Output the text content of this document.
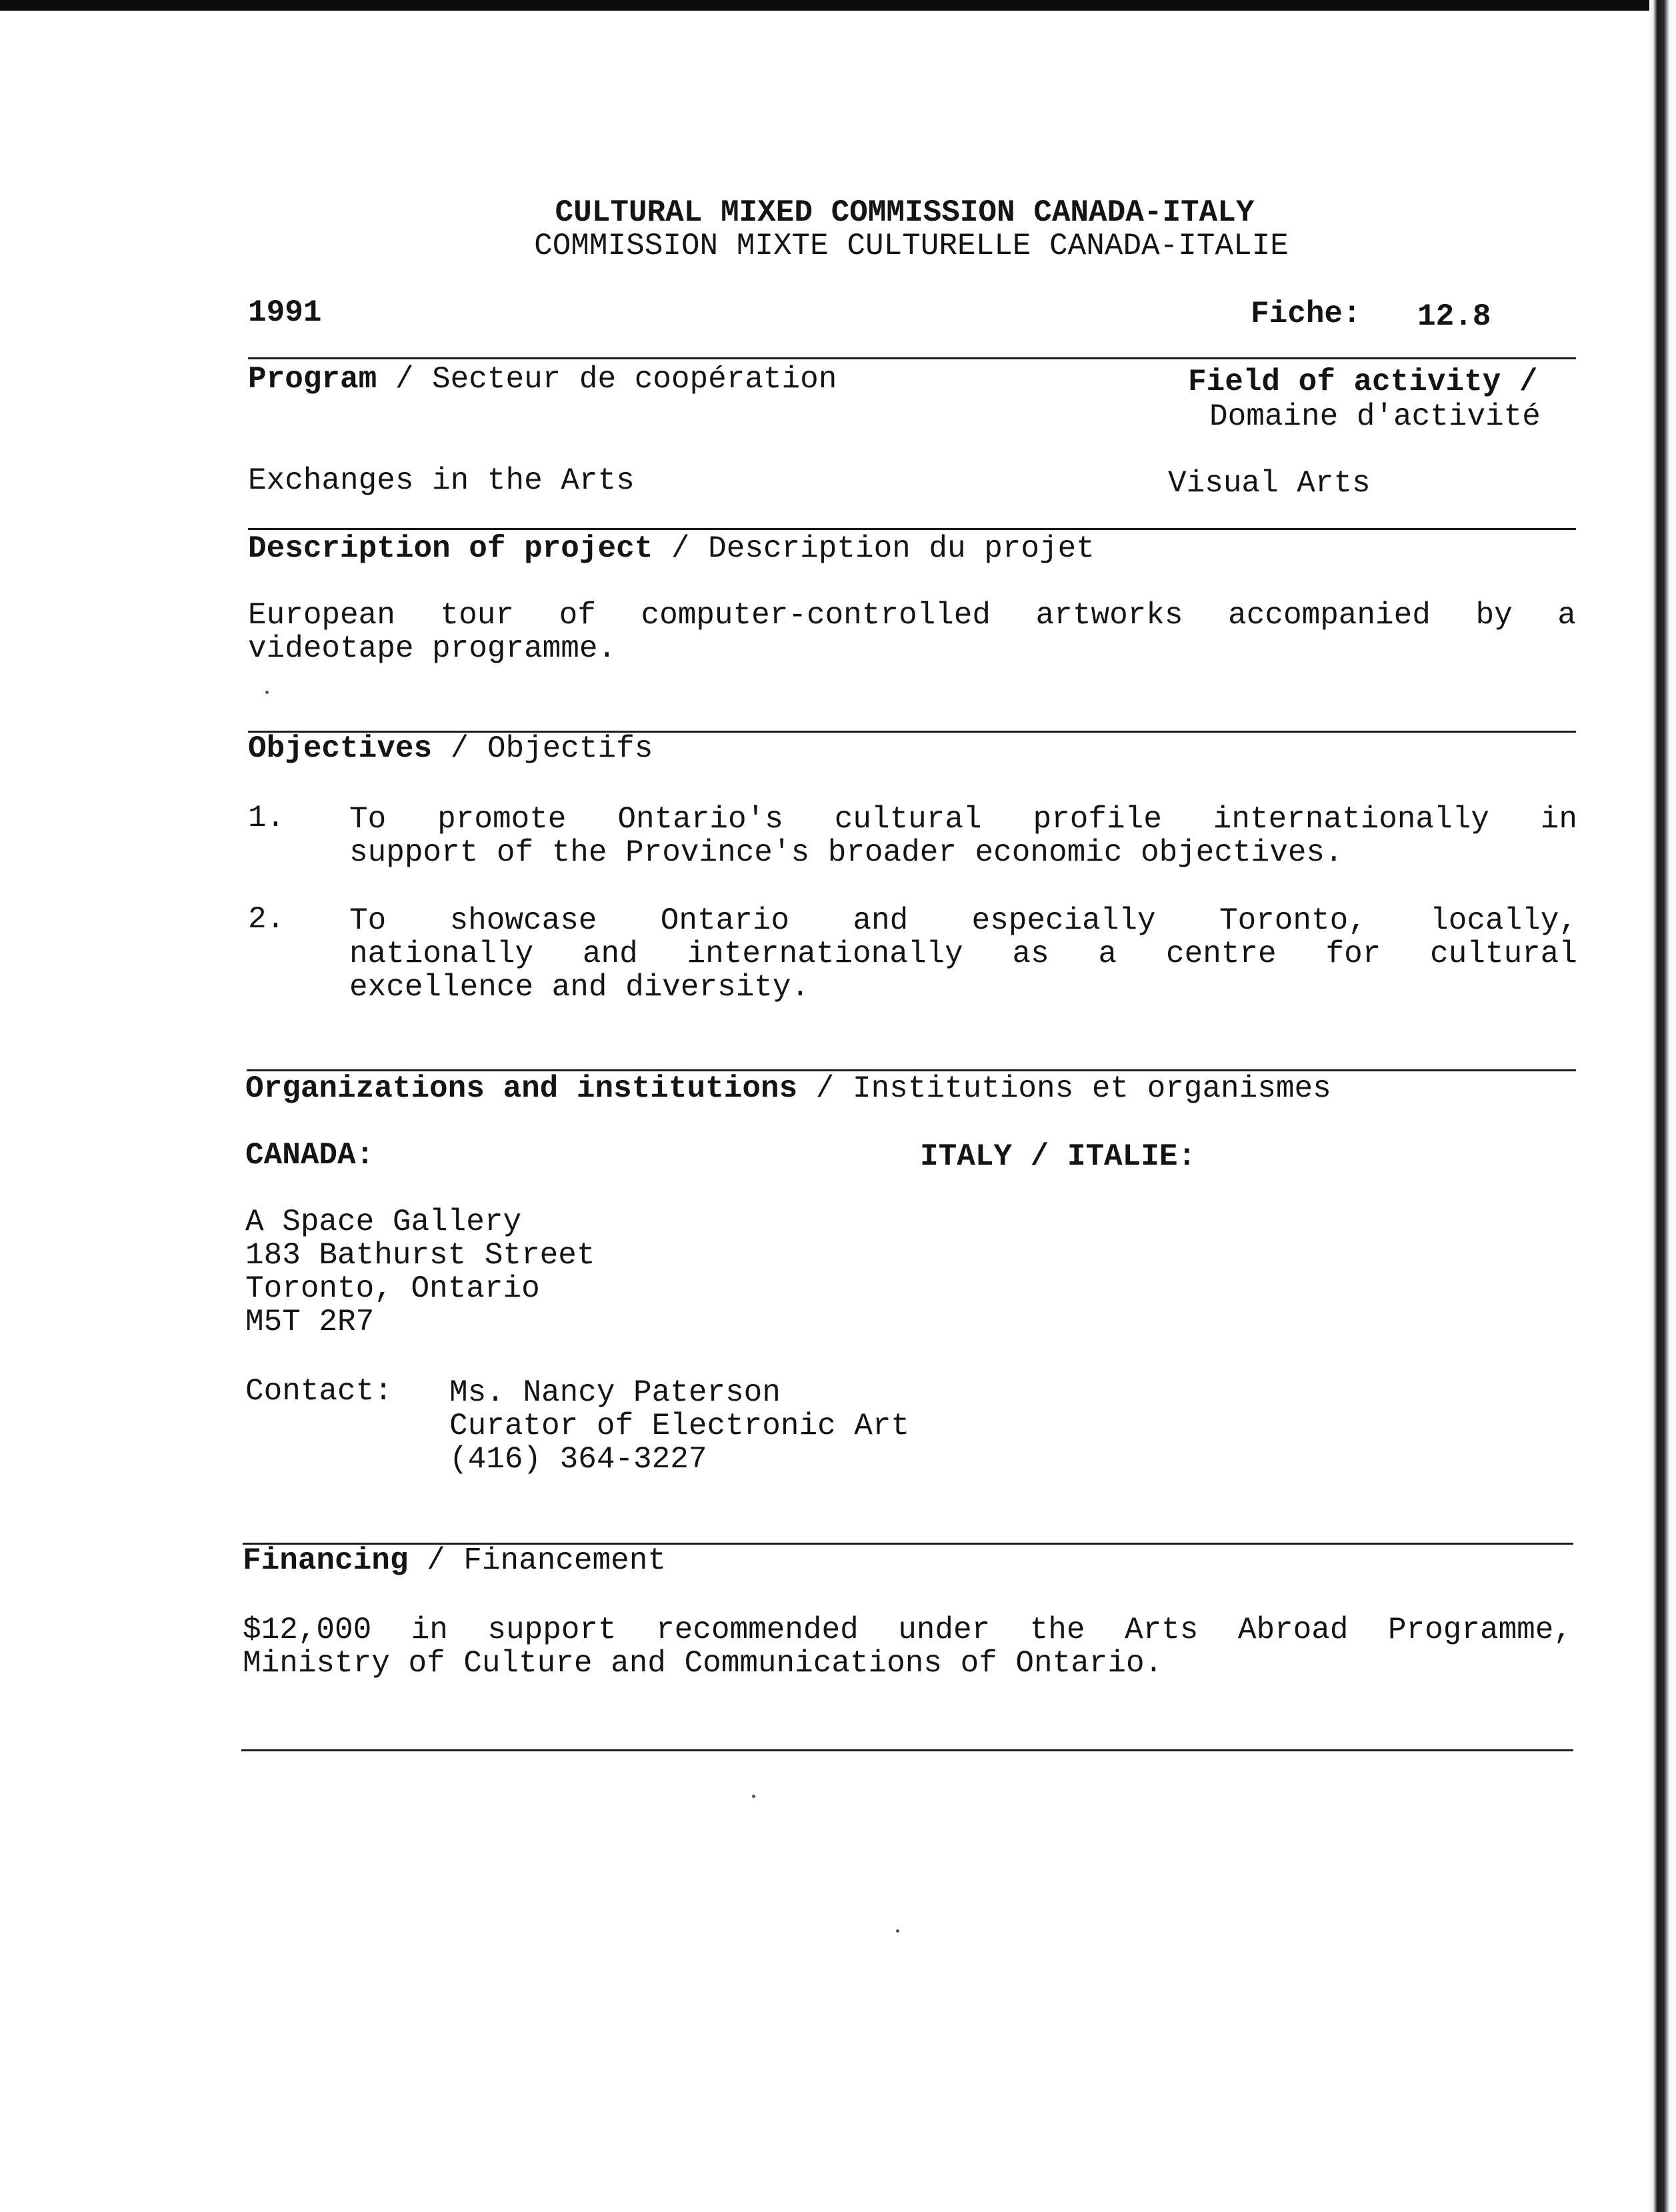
CULTURAL MIXED COMMISSION CANADA-ITALY
COMMISSION MIXTE CULTURELLE CANADA-ITALIE
1991	Fiche: 12.8
Program / Secteur de coopération	Field of activity /
Domaine d'activité
Exchanges in the Arts	Visual Arts
Description of project / Description du projet
European tour of computer-controlled artworks accompanied by a
videotape programme.
Objectives / Objectifs
1. To promote Ontario's cultural profile internationally in
support of the Province's broader economic objectives.
2. To showcase Ontario and especially Toronto, locally,
nationally and internationally as a centre for cultural
excellence and diversity.
Organizations and institutions / Institutions et organismes
CANADA:	ITALY / ITALIE:
A Space Gallery
183 Bathurst Street
Toronto, Ontario
M5T 2R7
Contact: Ms. Nancy Paterson
Curator of Electronic Art
(416) 364-3227
Financing / Financement
$12,000 in support recommended under the Arts Abroad Programme,
Ministry of Culture and Communications of Ontario.
